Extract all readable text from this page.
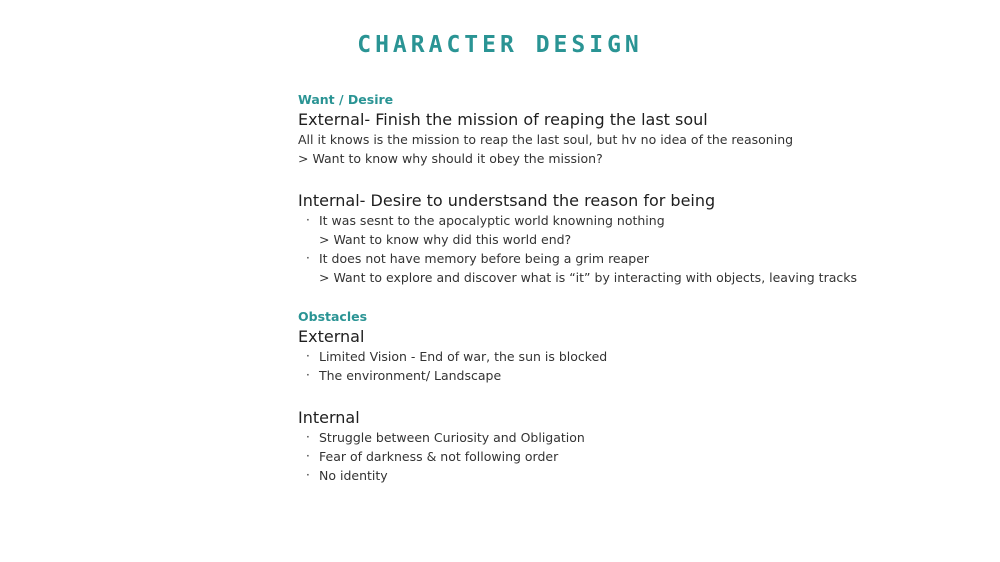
CHARACTER DESIGN
Want / Desire
External- Finish the mission of reaping the last soul
All it knows is the mission to reap the last soul, but hv no idea of the reasoning
> Want to know why should it obey the mission?
Internal- Desire to understsand the reason for being
· It was sesnt to the apocalyptic world knowning nothing
> Want to know why did this world end?
· It does not have memory before being a grim reaper
> Want to explore and discover what is “it” by interacting with objects, leaving tracks
Obstacles
External
· Limited Vision - End of war, the sun is blocked
· The environment/ Landscape
Internal
· Struggle between Curiosity and Obligation
· Fear of darkness & not following order
· No identity
